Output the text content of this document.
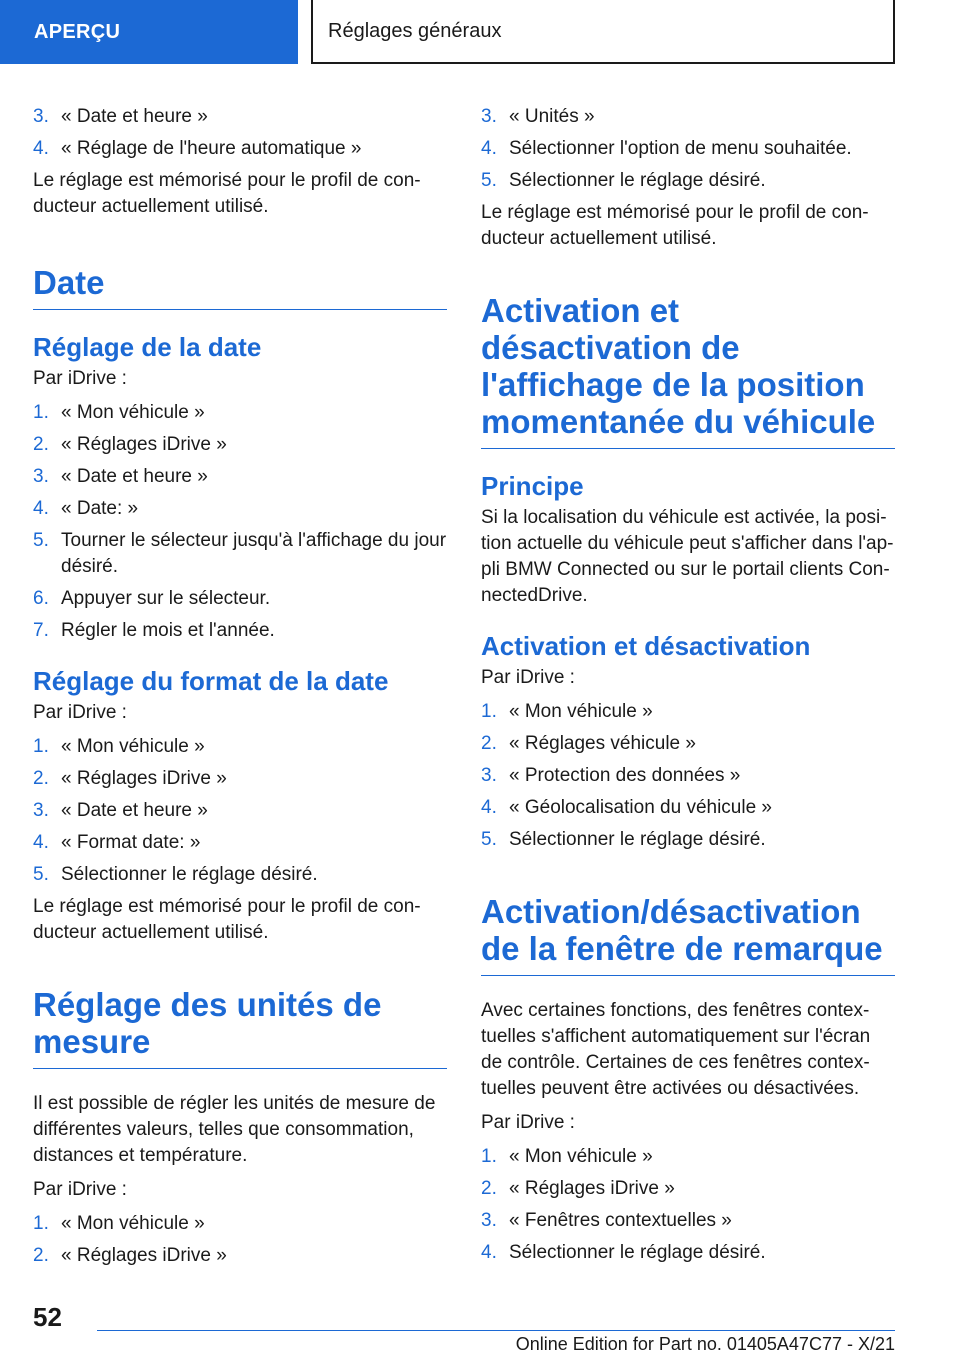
APERÇU	Réglages généraux
3. « Date et heure »
4. « Réglage de l'heure automatique »

Le réglage est mémorisé pour le profil de con-ducteur actuellement utilisé.

Date
Réglage de la date

Par iDrive :

1. « Mon véhicule »
2. « Réglages iDrive »
3. « Date et heure »
4. « Date: »
5. Tourner le sélecteur jusqu'à l'affichage du jour désiré.
6. Appuyer sur le sélecteur.
7. Régler le mois et l'année.
Réglage du format de la date

Par iDrive :

1. « Mon véhicule »
2. « Réglages iDrive »
3. « Date et heure »
4. « Format date: »
5. Sélectionner le réglage désiré.

Le réglage est mémorisé pour le profil de con-ducteur actuellement utilisé.

Réglage des unités de mesure

Il est possible de régler les unités de mesure de différentes valeurs, telles que consommation, distances et température.

Par iDrive :

1. « Mon véhicule »
2. « Réglages iDrive »
3. « Unités »
4. Sélectionner l'option de menu souhaitée.
5. Sélectionner le réglage désiré.

Le réglage est mémorisé pour le profil de con-ducteur actuellement utilisé.

Activation et désactivation de l'affichage de la position momentanée du véhicule
Principe

Si la localisation du véhicule est activée, la posi-tion actuelle du véhicule peut s'afficher dans l'ap-pli BMW Connected ou sur le portail clients Con-nectedDrive.

Activation et désactivation

Par iDrive :

1. « Mon véhicule »
2. « Réglages véhicule »
3. « Protection des données »
4. « Géolocalisation du véhicule »
5. Sélectionner le réglage désiré.
Activation/désactivation de la fenêtre de remarque

Avec certaines fonctions, des fenêtres contex-tuelles s'affichent automatiquement sur l'écran de contrôle. Certaines de ces fenêtres contex-tuelles peuvent être activées ou désactivées.

Par iDrive :

1. « Mon véhicule »
2. « Réglages iDrive »
3. « Fenêtres contextuelles »
4. Sélectionner le réglage désiré.
52
Online Edition for Part no. 01405A47C77 - X/21
